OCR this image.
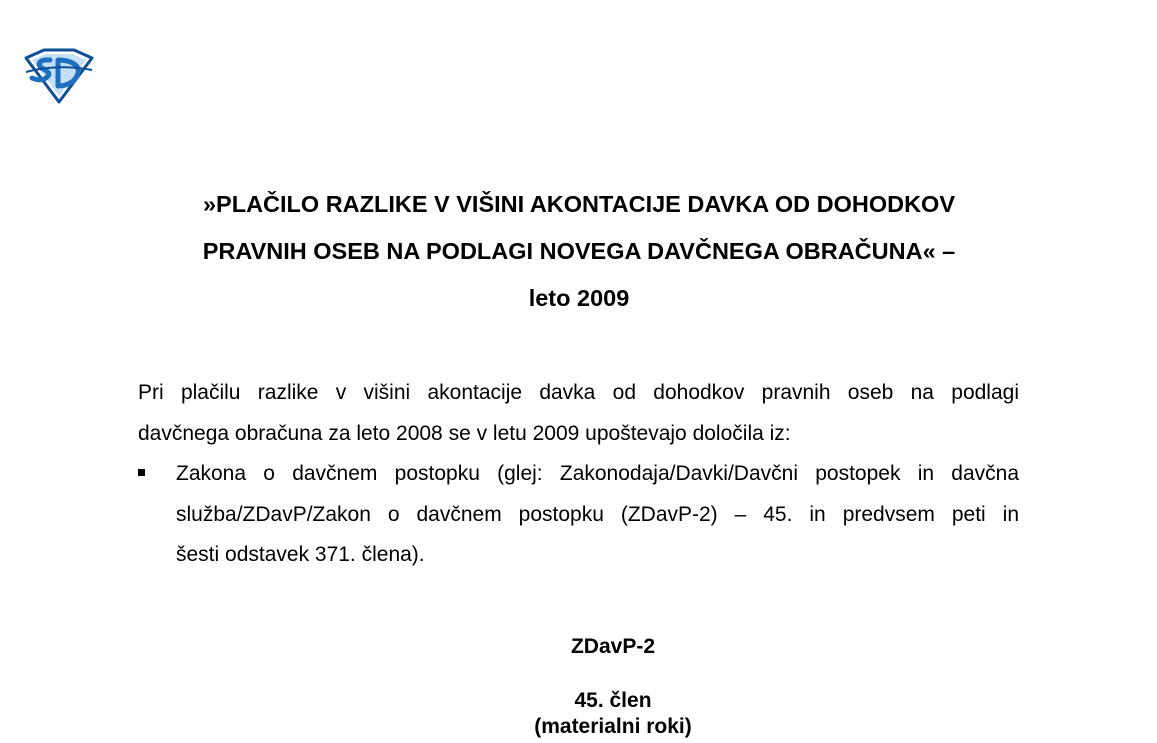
»PLAČILO RAZLIKE V VIŠINI AKONTACIJE DAVKA OD DOHODKOV
PRAVNIH OSEB NA PODLAGI NOVEGA DAVČNEGA OBRAČUNA« –
leto 2009
Pri plačilu razlike v višini akontacije davka od dohodkov pravnih oseb na podlagi
davčnega obračuna za leto 2008 se v letu 2009 upoštevajo določila iz:
Zakona o davčnem postopku (glej: Zakonodaja/Davki/Davčni postopek in davčna
služba/ZDavP/Zakon o davčnem postopku (ZDavP-2) – 45. in predvsem peti in
šesti odstavek 371. člena).
ZDavP-2
45. člen
(materialni roki)
